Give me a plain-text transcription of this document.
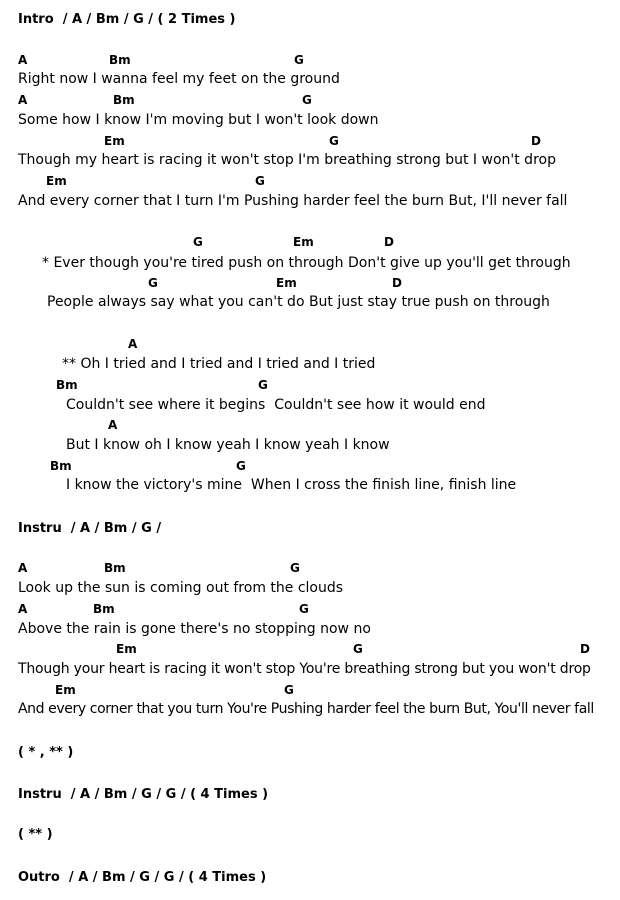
Intro  / A / Bm / G / ( 2 Times )
A	Bm	G
Right now I wanna feel my feet on the ground
A	Bm	G
Some how I know I'm moving but I won't look down
Em	G	D
Though my heart is racing it won't stop I'm breathing strong but I won't drop
Em	G
And every corner that I turn I'm Pushing harder feel the burn But, I'll never fall
G	Em	D
* Ever though you're tired push on through Don't give up you'll get through
G	Em	D
People always say what you can't do But just stay true push on through
A
** Oh I tried and I tried and I tried and I tried
Bm	G
Couldn't see where it begins  Couldn't see how it would end
A
But I know oh I know yeah I know yeah I know
Bm	G
I know the victory's mine  When I cross the finish line, finish line
Instru  / A / Bm / G /
A	Bm	G
Look up the sun is coming out from the clouds
A	Bm	G
Above the rain is gone there's no stopping now no
Em	G	D
Though your heart is racing it won't stop You're breathing strong but you won't drop
Em	G
And every corner that you turn You're Pushing harder feel the burn But, You'll never fall
( * , ** )
Instru  / A / Bm / G / G / ( 4 Times )
( ** )
Outro  / A / Bm / G / G / ( 4 Times )
